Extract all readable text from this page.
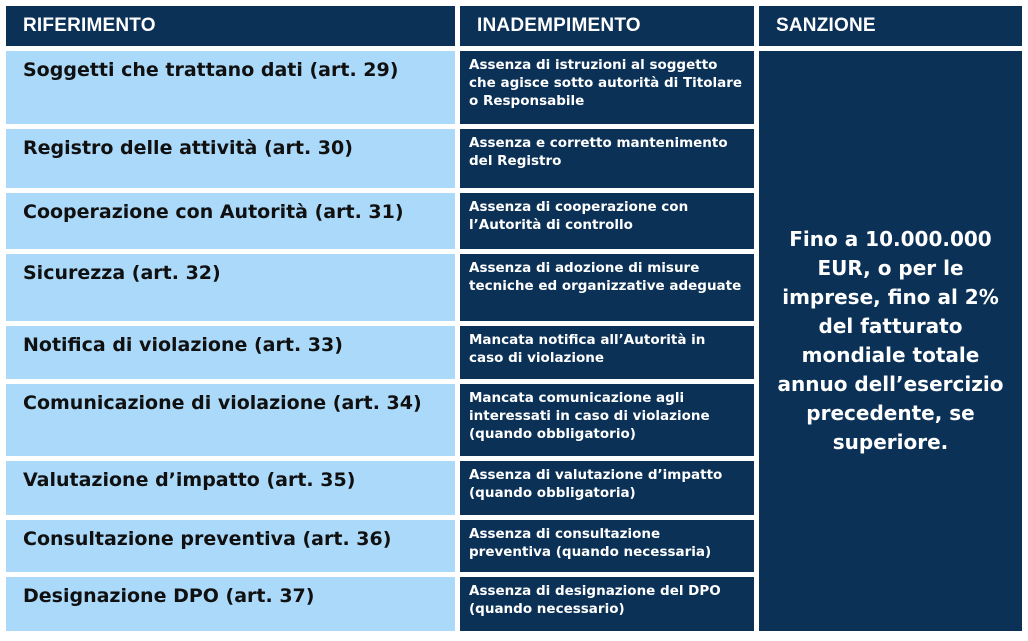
RIFERIMENTO	INADEMPIMENTO	SANZIONE
Soggetti che trattano dati (art. 29)	Assenza di istruzioni al soggetto che agisce sotto autorità di Titolare o Responsabile
Registro delle attività (art. 30)	Assenza e corretto mantenimento del Registro
Cooperazione con Autorità (art. 31)	Assenza di cooperazione con l’Autorità di controllo
Sicurezza (art. 32)	Assenza di adozione di misure tecniche ed organizzative adeguate
Notifica di violazione (art. 33)	Mancata notifica all’Autorità in caso di violazione
Comunicazione di violazione (art. 34)	Mancata comunicazione agli interessati in caso di violazione (quando obbligatorio)
Valutazione d’impatto (art. 35)	Assenza di valutazione d’impatto (quando obbligatoria)
Consultazione preventiva (art. 36)	Assenza di consultazione preventiva (quando necessaria)
Designazione DPO (art. 37)	Assenza di designazione del DPO (quando necessario)
Fino a 10.000.000 EUR, o per le imprese, fino al 2% del fatturato mondiale totale annuo dell’esercizio precedente, se superiore.
